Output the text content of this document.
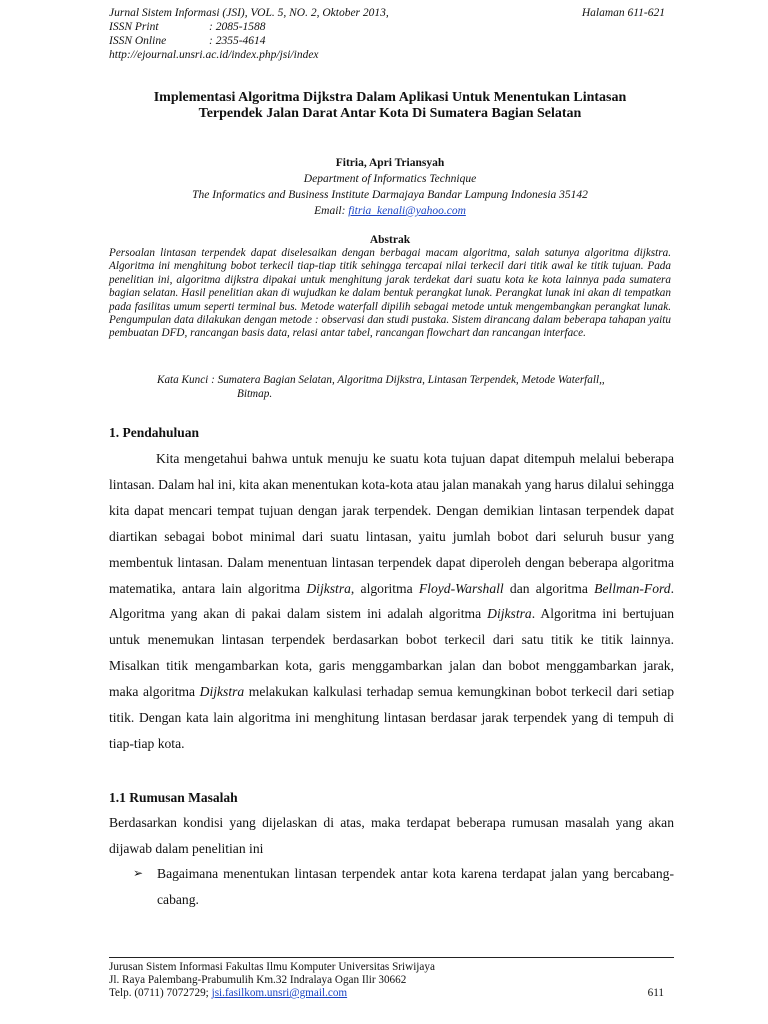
Jurnal Sistem Informasi (JSI), VOL. 5, NO. 2, Oktober 2013,	Halaman 611-621
ISSN Print	: 2085-1588
ISSN Online	: 2355-4614
http://ejournal.unsri.ac.id/index.php/jsi/index
Implementasi Algoritma Dijkstra Dalam Aplikasi Untuk Menentukan Lintasan
Terpendek Jalan Darat Antar Kota Di Sumatera Bagian Selatan
Fitria, Apri Triansyah
Department of Informatics Technique
The Informatics and Business Institute Darmajaya Bandar Lampung Indonesia 35142
Email: fitria_kenali@yahoo.com
Abstrak
Persoalan lintasan terpendek dapat diselesaikan dengan berbagai macam algoritma, salah satunya algoritma dijkstra. Algoritma ini menghitung bobot terkecil tiap-tiap titik sehingga tercapai nilai terkecil dari titik awal ke titik tujuan. Pada penelitian ini, algoritma dijkstra dipakai untuk menghitung jarak terdekat dari suatu kota ke kota lainnya pada sumatera bagian selatan. Hasil penelitian akan di wujudkan ke dalam bentuk perangkat lunak. Perangkat lunak ini akan di tempatkan pada fasilitas umum seperti terminal bus. Metode waterfall dipilih sebagai metode untuk mengembangkan perangkat lunak. Pengumpulan data dilakukan dengan metode : observasi dan studi pustaka. Sistem dirancang dalam beberapa tahapan yaitu pembuatan DFD, rancangan basis data, relasi antar tabel, rancangan flowchart dan rancangan interface.
Kata Kunci : Sumatera Bagian Selatan, Algoritma Dijkstra, Lintasan Terpendek, Metode Waterfall,,
Bitmap.
1. Pendahuluan
Kita mengetahui bahwa untuk menuju ke suatu kota tujuan dapat ditempuh melalui beberapa lintasan. Dalam hal ini, kita akan menentukan kota-kota atau jalan manakah yang harus dilalui sehingga kita dapat mencari tempat tujuan dengan jarak terpendek. Dengan demikian lintasan terpendek dapat diartikan sebagai bobot minimal dari suatu lintasan, yaitu jumlah bobot dari seluruh busur yang membentuk lintasan. Dalam menentuan lintasan terpendek dapat diperoleh dengan beberapa algoritma matematika, antara lain algoritma Dijkstra, algoritma Floyd-Warshall dan algoritma Bellman-Ford. Algoritma yang akan di pakai dalam sistem ini adalah algoritma Dijkstra. Algoritma ini bertujuan untuk menemukan lintasan terpendek berdasarkan bobot terkecil dari satu titik ke titik lainnya. Misalkan titik mengambarkan kota, garis menggambarkan jalan dan bobot menggambarkan jarak, maka algoritma Dijkstra melakukan kalkulasi terhadap semua kemungkinan bobot terkecil dari setiap titik. Dengan kata lain algoritma ini menghitung lintasan berdasar jarak terpendek yang di tempuh di tiap-tiap kota.
1.1 Rumusan Masalah
Berdasarkan kondisi yang dijelaskan di atas, maka terdapat beberapa rumusan masalah yang akan dijawab dalam penelitian ini
➢	Bagaimana menentukan lintasan terpendek antar kota karena terdapat jalan yang bercabang-cabang.
Jurusan Sistem Informasi Fakultas Ilmu Komputer Universitas Sriwijaya
Jl. Raya Palembang-Prabumulih Km.32 Indralaya Ogan Ilir 30662
Telp. (0711) 7072729; jsi.fasilkom.unsri@gmail.com	611
